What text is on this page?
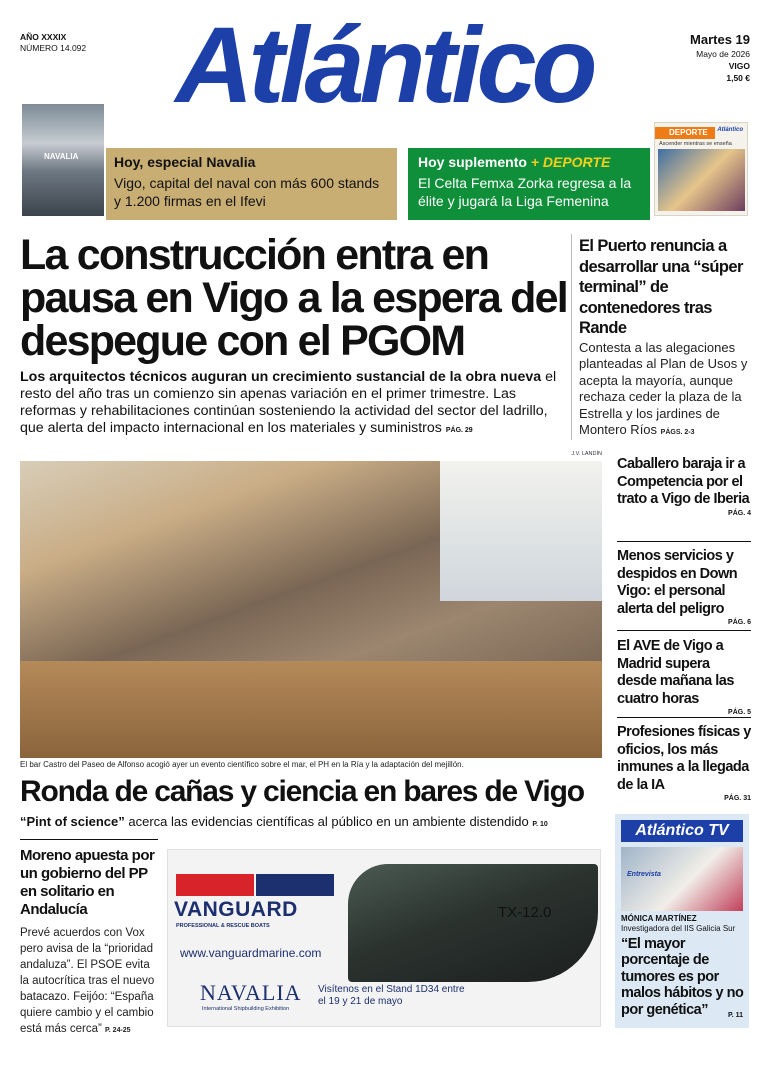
AÑO XXXIX
NÚMERO 14.092 Atlántico	Martes 19
Mayo de 2026
VIGO
1,50 €
NAVALIA	Hoy, especial Navalia
Vigo, capital del naval con más 600 stands y 1.200 firmas en el Ifevi
Hoy suplemento + DEPORTE
El Celta Femxa Zorka regresa a la élite y jugará la Liga Femenina
DEPORTE	Atlántico
Ascender mientras se enseña
La construcción entra en pausa en Vigo a la espera del despegue con el PGOM
Los arquitectos técnicos auguran un crecimiento sustancial de la obra nueva el resto del año tras un comienzo sin apenas variación en el primer trimestre. Las reformas y rehabilitaciones continúan sosteniendo la actividad del sector del ladrillo, que alerta del impacto internacional en los materiales y suministros PÁG. 29
El Puerto renuncia a desarrollar una “súper terminal” de contenedores tras Rande
Contesta a las alegaciones planteadas al Plan de Usos y acepta la mayoría, aunque rechaza ceder la plaza de la Estrella y los jardines de Montero Ríos PÁGS. 2-3
J.V. LANDÍN
El bar Castro del Paseo de Alfonso acogió ayer un evento científico sobre el mar, el PH en la Ría y la adaptación del mejillón.
Ronda de cañas y ciencia en bares de Vigo
“Pint of science” acerca las evidencias científicas al público en un ambiente distendido P. 10
Moreno apuesta por un gobierno del PP en solitario en Andalucía
Prevé acuerdos con Vox pero avisa de la “prioridad andaluza”. El PSOE evita la autocrítica tras el nuevo batacazo. Feijóo: “España quiere cambio y el cambio está más cerca” P. 24-25
VANGUARD
PROFESSIONAL & RESCUE BOATS
www.vanguardmarine.com
TX-12.0
NAVALIA
International Shipbuilding Exhibition
Visítenos en el Stand 1D34 entre el 19 y 21 de mayo
Caballero baraja ir a Competencia por el trato a Vigo de Iberia
PÁG. 4
Menos servicios y despidos en Down Vigo: el personal alerta del peligro
PÁG. 6
El AVE de Vigo a Madrid supera desde mañana las cuatro horas
PÁG. 5
Profesiones físicas y oficios, los más inmunes a la llegada de la IA
PÁG. 31
Atlántico TV
Entrevista
MÓNICA MARTÍNEZ
Investigadora del IIS Galicia Sur
“El mayor porcentaje de tumores es por malos hábitos y no por genética”	P. 11
